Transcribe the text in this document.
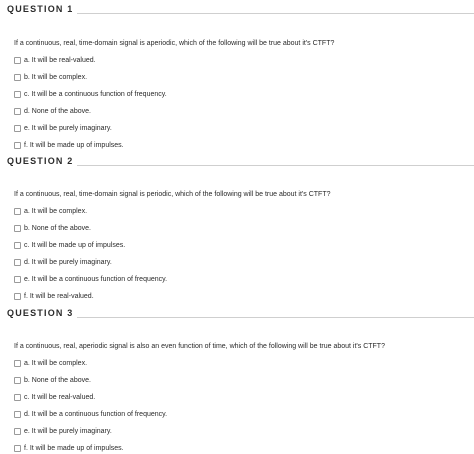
QUESTION 1
If a continuous, real, time-domain signal is aperiodic, which of the following will be true about it's CTFT?
a. It will be real-valued.
b. It will be complex.
c. It will be a continuous function of frequency.
d. None of the above.
e. It will be purely imaginary.
f. It will be made up of impulses.
QUESTION 2
If a continuous, real, time-domain signal is periodic, which of the following will be true about it's CTFT?
a. It will be complex.
b. None of the above.
c. It will be made up of impulses.
d. It will be purely imaginary.
e. It will be a continuous function of frequency.
f. It will be real-valued.
QUESTION 3
If a continuous, real, aperiodic signal is also an even function of time, which of the following will be true about it's CTFT?
a. It will be complex.
b. None of the above.
c. It will be real-valued.
d. It will be a continuous function of frequency.
e. It will be purely imaginary.
f. It will be made up of impulses.
